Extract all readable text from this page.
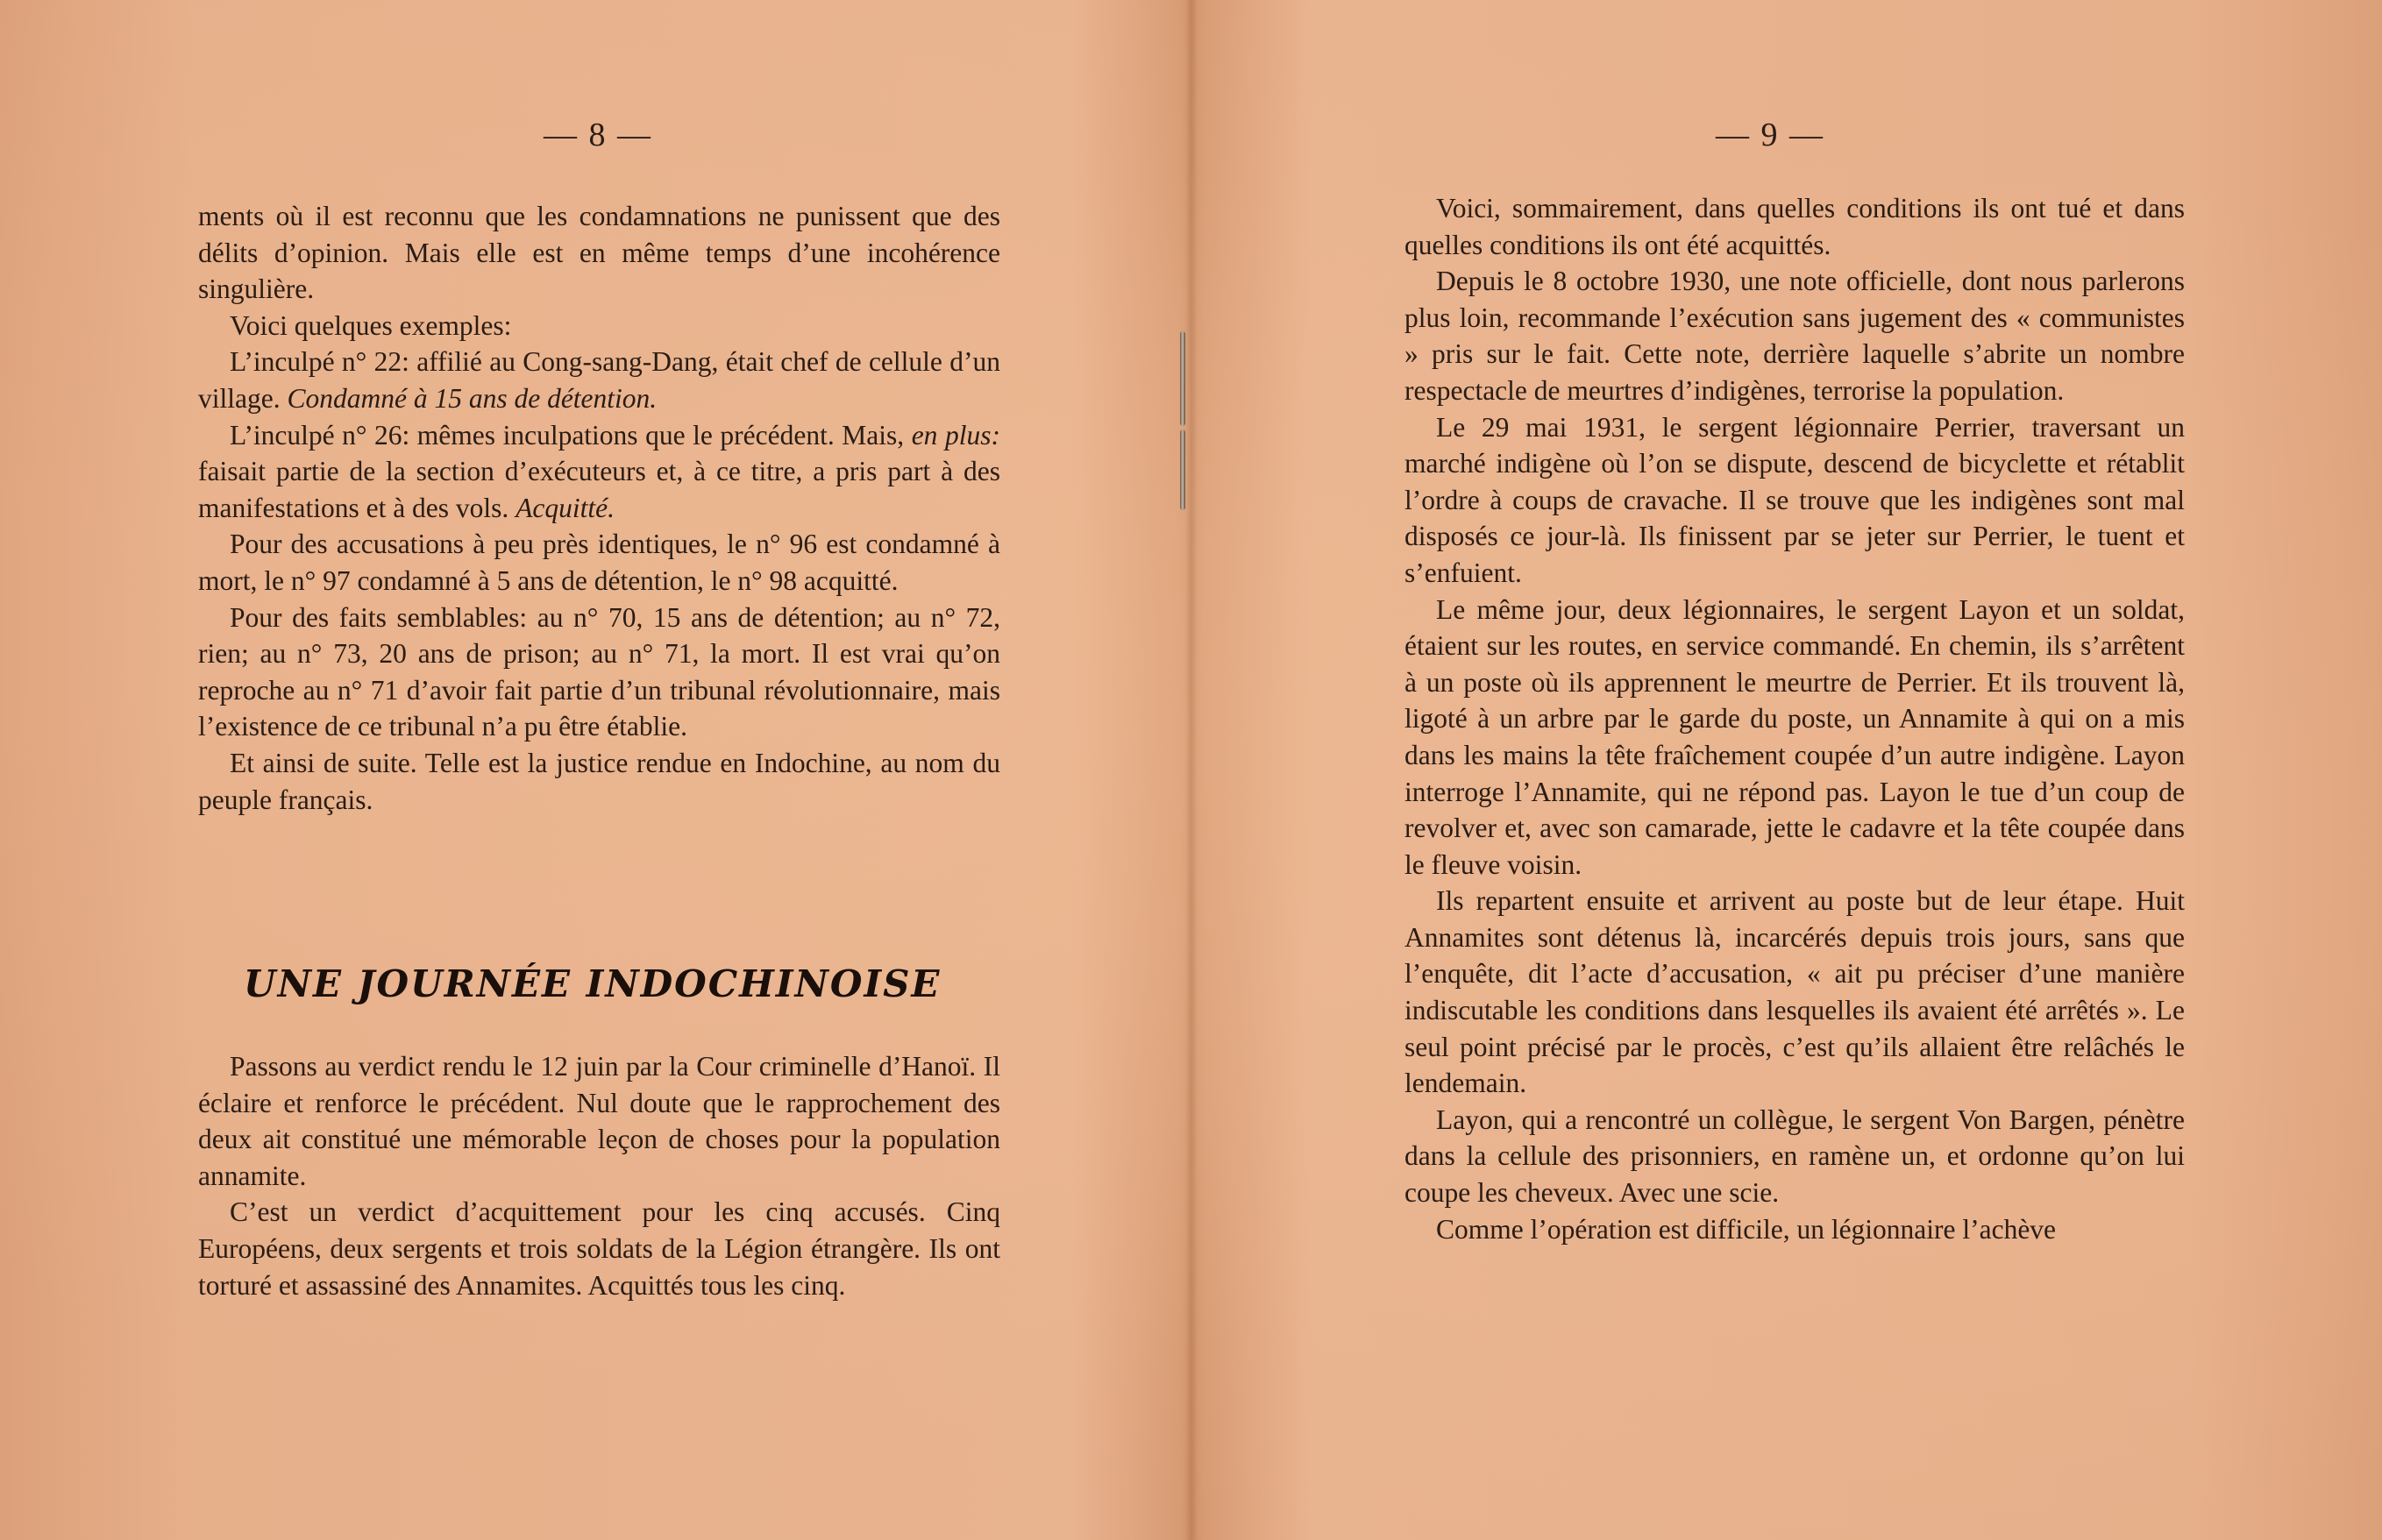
— 8 —

ments où il est reconnu que les condamnations ne punissent que des délits d’opinion. Mais elle est en même temps d’une incohérence singulière.

Voici quelques exemples:

L’inculpé n° 22: affilié au Cong-sang-Dang, était chef de cellule d’un village. Condamné à 15 ans de détention.

L’inculpé n° 26: mêmes inculpations que le précédent. Mais, en plus: faisait partie de la section d’exécuteurs et, à ce titre, a pris part à des manifestations et à des vols. Acquitté.

Pour des accusations à peu près identiques, le n° 96 est condamné à mort, le n° 97 condamné à 5 ans de détention, le n° 98 acquitté.

Pour des faits semblables: au n° 70, 15 ans de détention; au n° 72, rien; au n° 73, 20 ans de prison; au n° 71, la mort. Il est vrai qu’on reproche au n° 71 d’avoir fait partie d’un tribunal révolutionnaire, mais l’existence de ce tribunal n’a pu être établie.

Et ainsi de suite. Telle est la justice rendue en Indochine, au nom du peuple français.

UNE JOURNÉE INDOCHINOISE

Passons au verdict rendu le 12 juin par la Cour criminelle d’Hanoï. Il éclaire et renforce le précédent. Nul doute que le rapprochement des deux ait constitué une mémorable leçon de choses pour la population annamite.

C’est un verdict d’acquittement pour les cinq accusés. Cinq Européens, deux sergents et trois soldats de la Légion étrangère. Ils ont torturé et assassiné des Annamites. Acquittés tous les cinq.

— 9 —

Voici, sommairement, dans quelles conditions ils ont tué et dans quelles conditions ils ont été acquittés.

Depuis le 8 octobre 1930, une note officielle, dont nous parlerons plus loin, recommande l’exécution sans jugement des « communistes » pris sur le fait. Cette note, derrière laquelle s’abrite un nombre respectacle de meurtres d’indigènes, terrorise la population.

Le 29 mai 1931, le sergent légionnaire Perrier, traversant un marché indigène où l’on se dispute, descend de bicyclette et rétablit l’ordre à coups de cravache. Il se trouve que les indigènes sont mal disposés ce jour-là. Ils finissent par se jeter sur Perrier, le tuent et s’enfuient.

Le même jour, deux légionnaires, le sergent Layon et un soldat, étaient sur les routes, en service commandé. En chemin, ils s’arrêtent à un poste où ils apprennent le meurtre de Perrier. Et ils trouvent là, ligoté à un arbre par le garde du poste, un Annamite à qui on a mis dans les mains la tête fraîchement coupée d’un autre indigène. Layon interroge l’Annamite, qui ne répond pas. Layon le tue d’un coup de revolver et, avec son camarade, jette le cadavre et la tête coupée dans le fleuve voisin.

Ils repartent ensuite et arrivent au poste but de leur étape. Huit Annamites sont détenus là, incarcérés depuis trois jours, sans que l’enquête, dit l’acte d’accusation, « ait pu préciser d’une manière indiscutable les conditions dans lesquelles ils avaient été arrêtés ». Le seul point précisé par le procès, c’est qu’ils allaient être relâchés le lendemain.

Layon, qui a rencontré un collègue, le sergent Von Bargen, pénètre dans la cellule des prisonniers, en ramène un, et ordonne qu’on lui coupe les cheveux. Avec une scie.

Comme l’opération est difficile, un légionnaire l’achève
